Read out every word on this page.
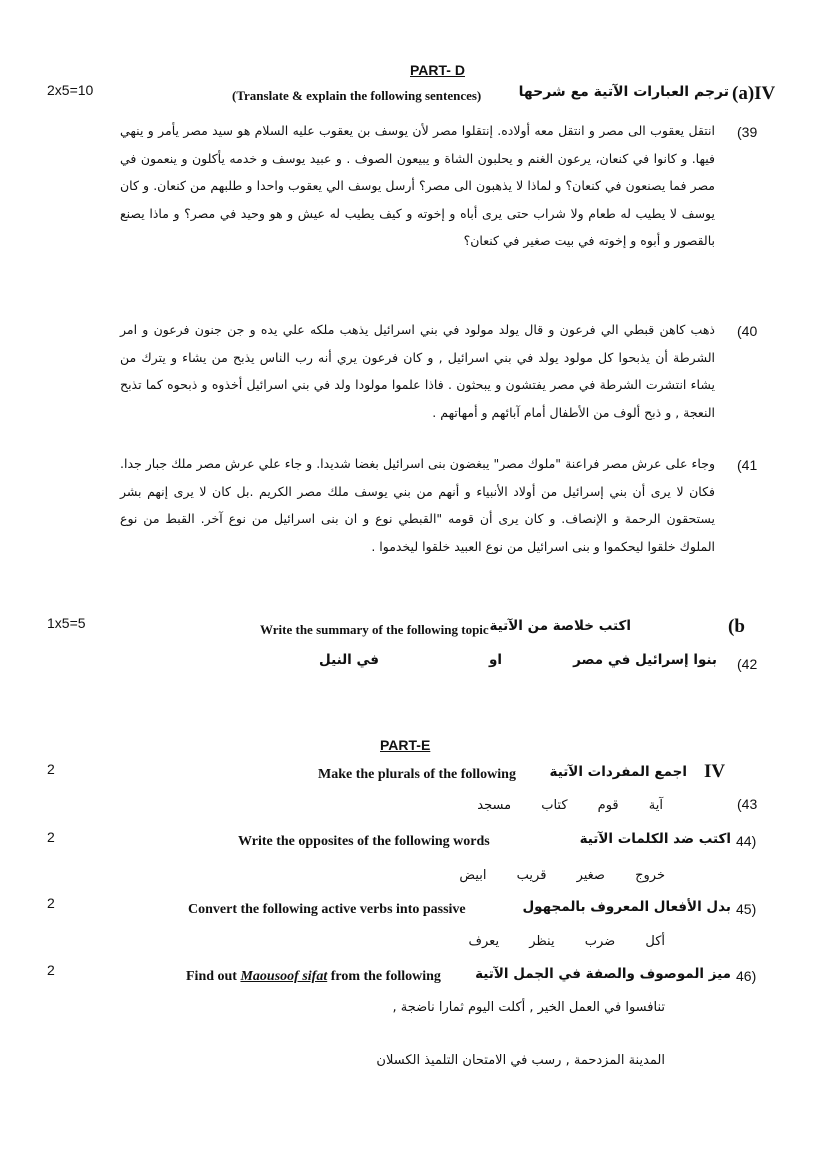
PART- D
2x5=10	(Translate & explain the following sentences)	ترجم العبارات الآتية مع شرحها (a)IV
(39
انتقل يعقوب الى مصر و انتقل معه أولاده. إنتقلوا مصر لأن يوسف بن يعقوب عليه السلام هو سيد مصر يأمر و ينهي فيها. و كانوا في كنعان، يرعون الغنم و يحلبون الشاة و يبيعون الصوف . و عبيد يوسف و خدمه يأكلون و ينعمون في مصر فما يصنعون في كنعان؟ و لماذا لا يذهبون الى مصر؟ أرسل يوسف الي يعقوب واحدا و طلبهم من كنعان. و كان يوسف لا يطيب له طعام ولا شراب حتى يرى أباه و إخوته و كيف يطيب له عيش و هو وحيد في مصر؟ و ماذا يصنع بالقصور و أبوه و إخوته في بيت صغير في كنعان؟
(40
ذهب كاهن قبطي الي فرعون و قال يولد مولود في بني اسرائيل يذهب ملكه علي يده و جن جنون فرعون و امر الشرطة أن يذبحوا كل مولود يولد في بني اسرائيل , و كان فرعون يري أنه رب الناس يذبح من يشاء و يترك من يشاء انتشرت الشرطة في مصر يفتشون و يبحثون . فاذا علموا مولودا ولد في بني اسرائيل أخذوه و ذبحوه كما تذبح النعجة , و ذبح ألوف من الأطفال أمام آبائهم و أمهاتهم .
(41
وجاء على عرش مصر فراعنة "ملوك مصر" يبغضون بنى اسرائيل بغضا شديدا. و جاء علي عرش مصر ملك جبار جدا. فكان لا يرى أن بني إسرائيل من أولاد الأنبياء و أنهم من بني يوسف ملك مصر الكريم .بل كان لا يرى إنهم بشر يستحقون الرحمة و الإنصاف. و كان يرى أن قومه "القبطي نوع و ان بنى اسرائيل من نوع آخر. القبط من نوع الملوك خلقوا ليحكموا و بنى اسرائيل من نوع العبيد خلقوا ليخدموا .
1x5=5	Write the summary of the following topic اكتب خلاصة من الآتية	(b
(42
بنوا إسرائيل في مصر
او
في النيل
PART-E
2	Make the plurals of the following اجمع المفردات الآتية IV
(43
آية قوم كتاب مسجد
2	Write the opposites of the following words	اكتب ضد الكلمات الآتية 44)
خروج صغير قريب ابيض
2	Convert the following active verbs into passive	بدل الأفعال المعروف بالمجهول 45)
أكل ضرب ينظر يعرف
2	Find out Maousoof sifat from the following	ميز الموصوف والصفة في الجمل الآتية 46)
تنافسوا في العمل الخير , أكلت اليوم ثمارا ناضجة ,
المدينة المزدحمة , رسب في الامتحان التلميذ الكسلان
